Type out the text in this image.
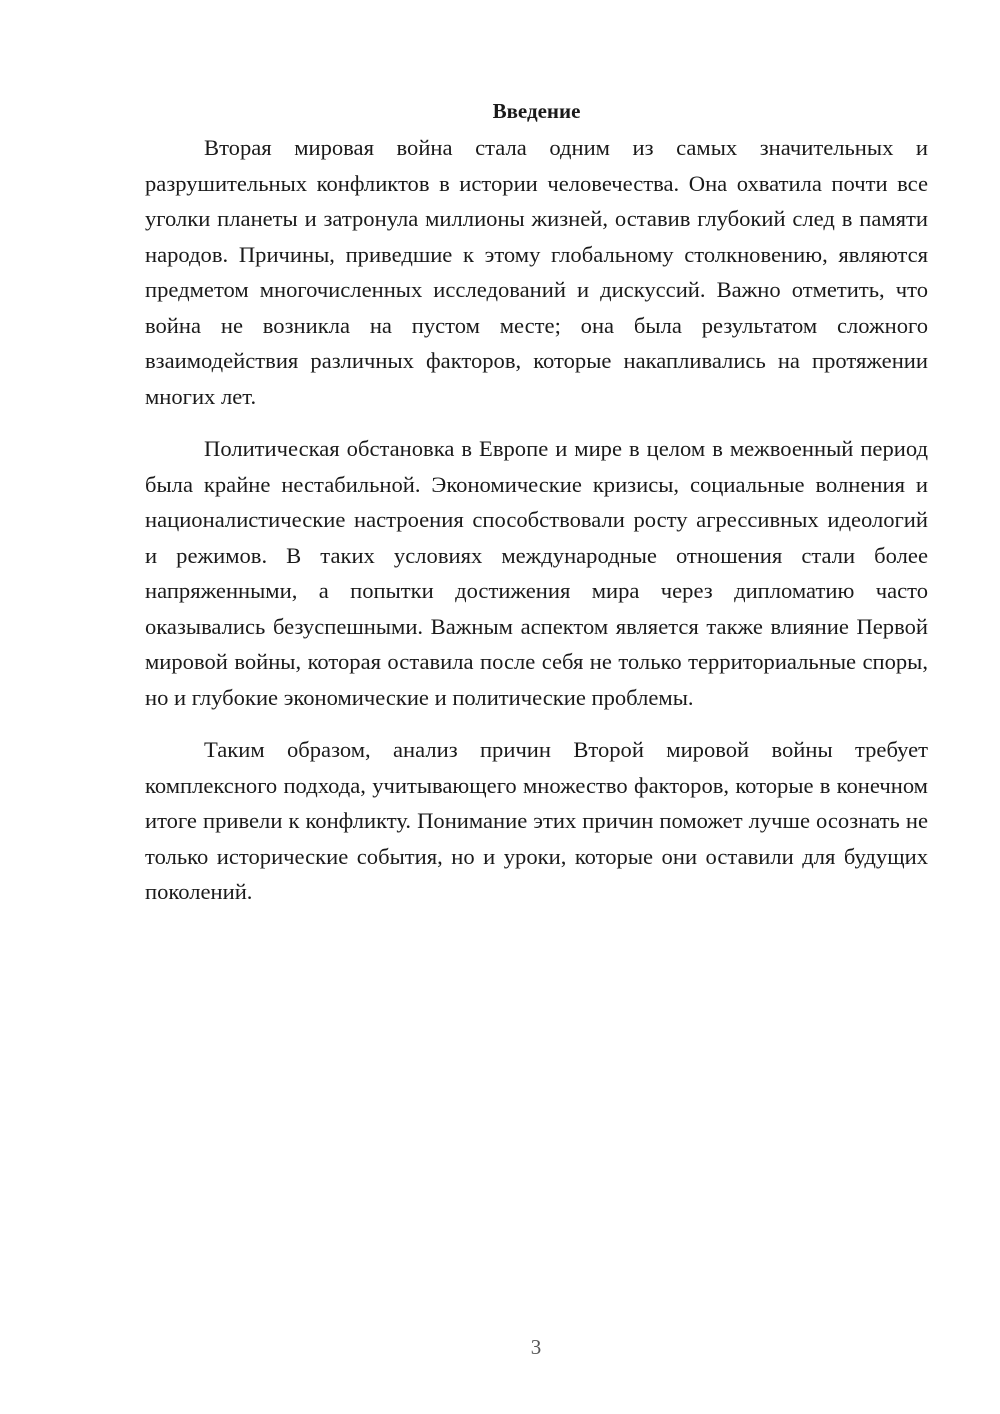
Введение

Вторая мировая война стала одним из самых значительных и разрушительных конфликтов в истории человечества. Она охватила почти все уголки планеты и затронула миллионы жизней, оставив глубокий след в памяти народов. Причины, приведшие к этому глобальному столкновению, являются предметом многочисленных исследований и дискуссий. Важно отметить, что война не возникла на пустом месте; она была результатом сложного взаимодействия различных факторов, которые накапливались на протяжении многих лет.

Политическая обстановка в Европе и мире в целом в межвоенный период была крайне нестабильной. Экономические кризисы, социальные волнения и националистические настроения способствовали росту агрессивных идеологий и режимов. В таких условиях международные отношения стали более напряженными, а попытки достижения мира через дипломатию часто оказывались безуспешными. Важным аспектом является также влияние Первой мировой войны, которая оставила после себя не только территориальные споры, но и глубокие экономические и политические проблемы.

Таким образом, анализ причин Второй мировой войны требует комплексного подхода, учитывающего множество факторов, которые в конечном итоге привели к конфликту. Понимание этих причин поможет лучше осознать не только исторические события, но и уроки, которые они оставили для будущих поколений.

3
